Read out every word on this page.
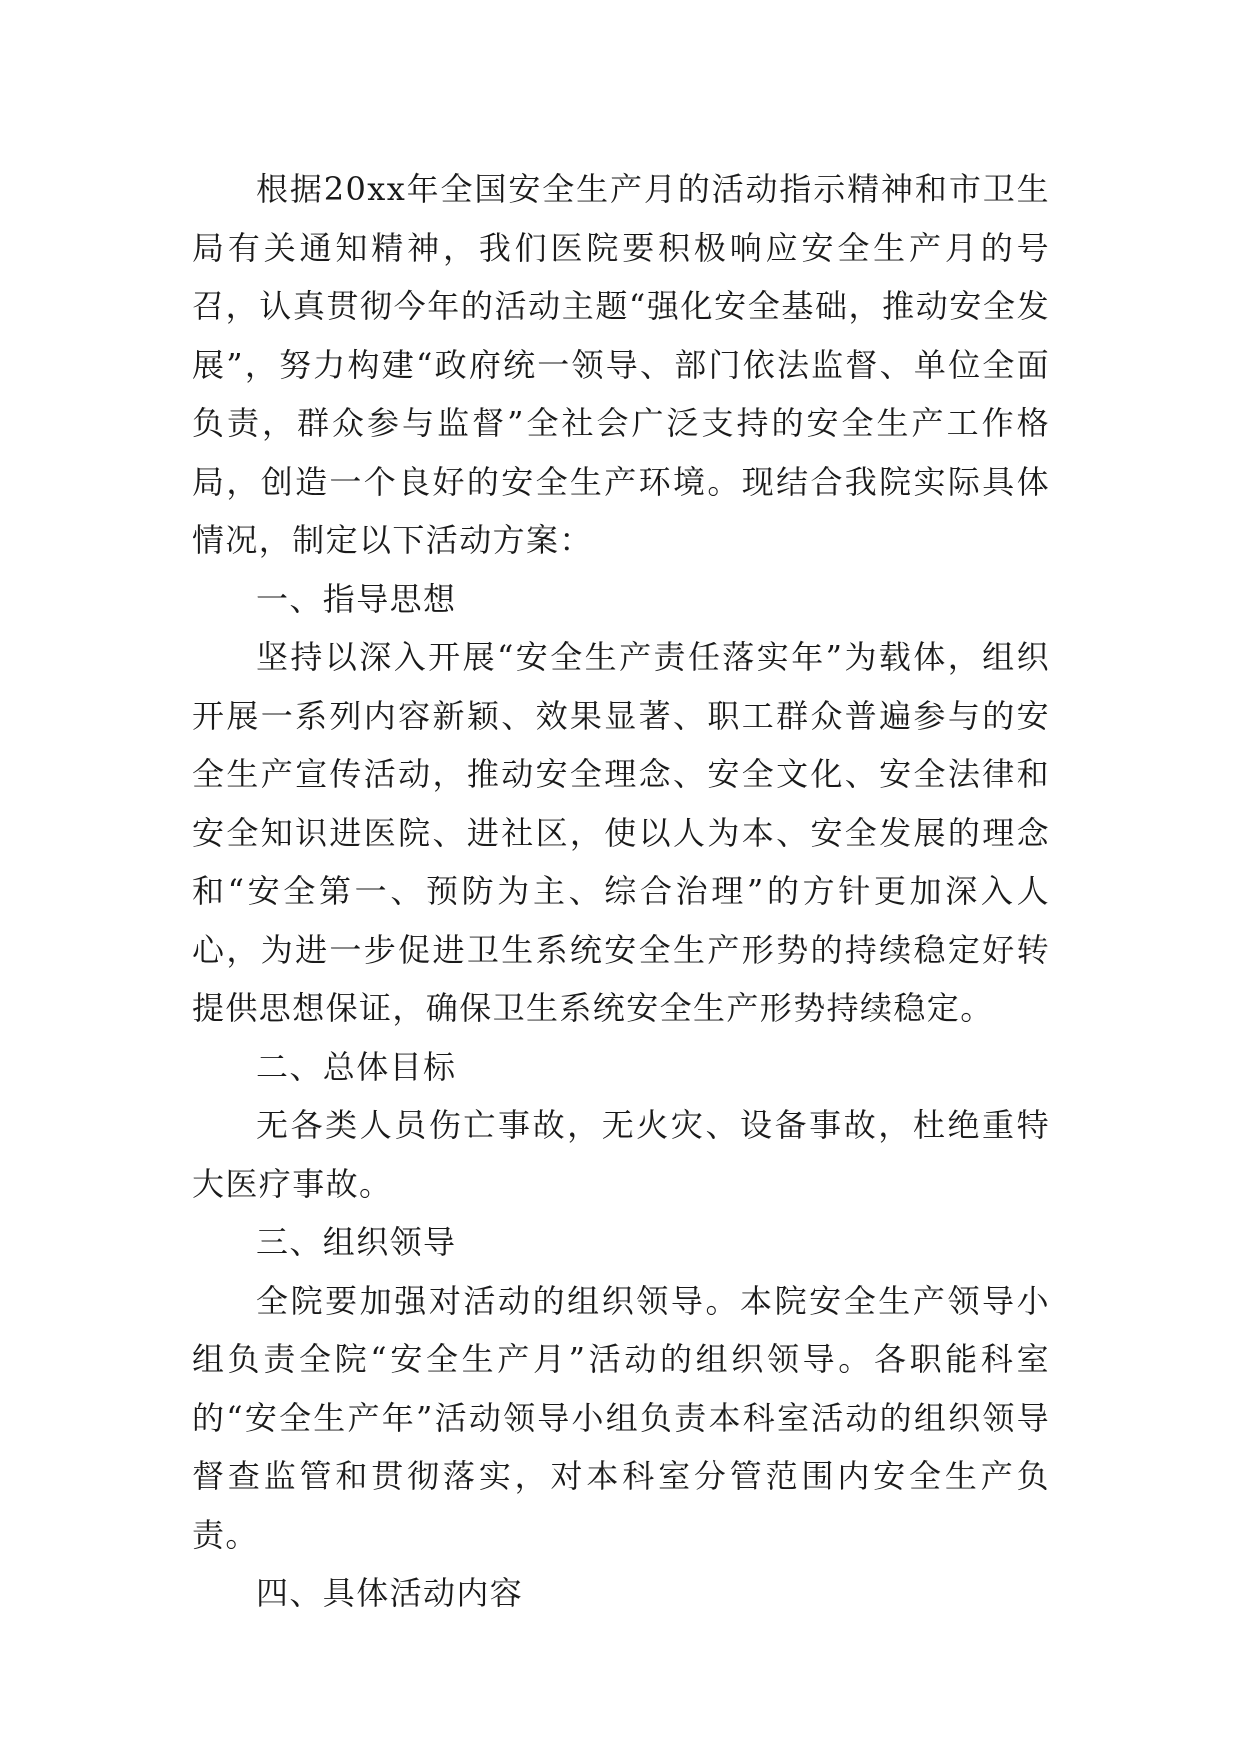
根据20xx年全国安全生产月的活动指示精神和市卫生局有关通知精神，我们医院要积极响应安全生产月的号召，认真贯彻今年的活动主题“强化安全基础，推动安全发展”，努力构建“政府统一领导、部门依法监督、单位全面负责，群众参与监督”全社会广泛支持的安全生产工作格局，创造一个良好的安全生产环境。现结合我院实际具体情况，制定以下活动方案：

一、指导思想

坚持以深入开展“安全生产责任落实年”为载体，组织开展一系列内容新颖、效果显著、职工群众普遍参与的安全生产宣传活动，推动安全理念、安全文化、安全法律和安全知识进医院、进社区，使以人为本、安全发展的理念和“安全第一、预防为主、综合治理”的方针更加深入人心，为进一步促进卫生系统安全生产形势的持续稳定好转提供思想保证，确保卫生系统安全生产形势持续稳定。

二、总体目标

无各类人员伤亡事故，无火灾、设备事故，杜绝重特大医疗事故。

三、组织领导

全院要加强对活动的组织领导。本院安全生产领导小组负责全院“安全生产月”活动的组织领导。各职能科室的“安全生产年”活动领导小组负责本科室活动的组织领导督查监管和贯彻落实，对本科室分管范围内安全生产负责。

四、具体活动内容
